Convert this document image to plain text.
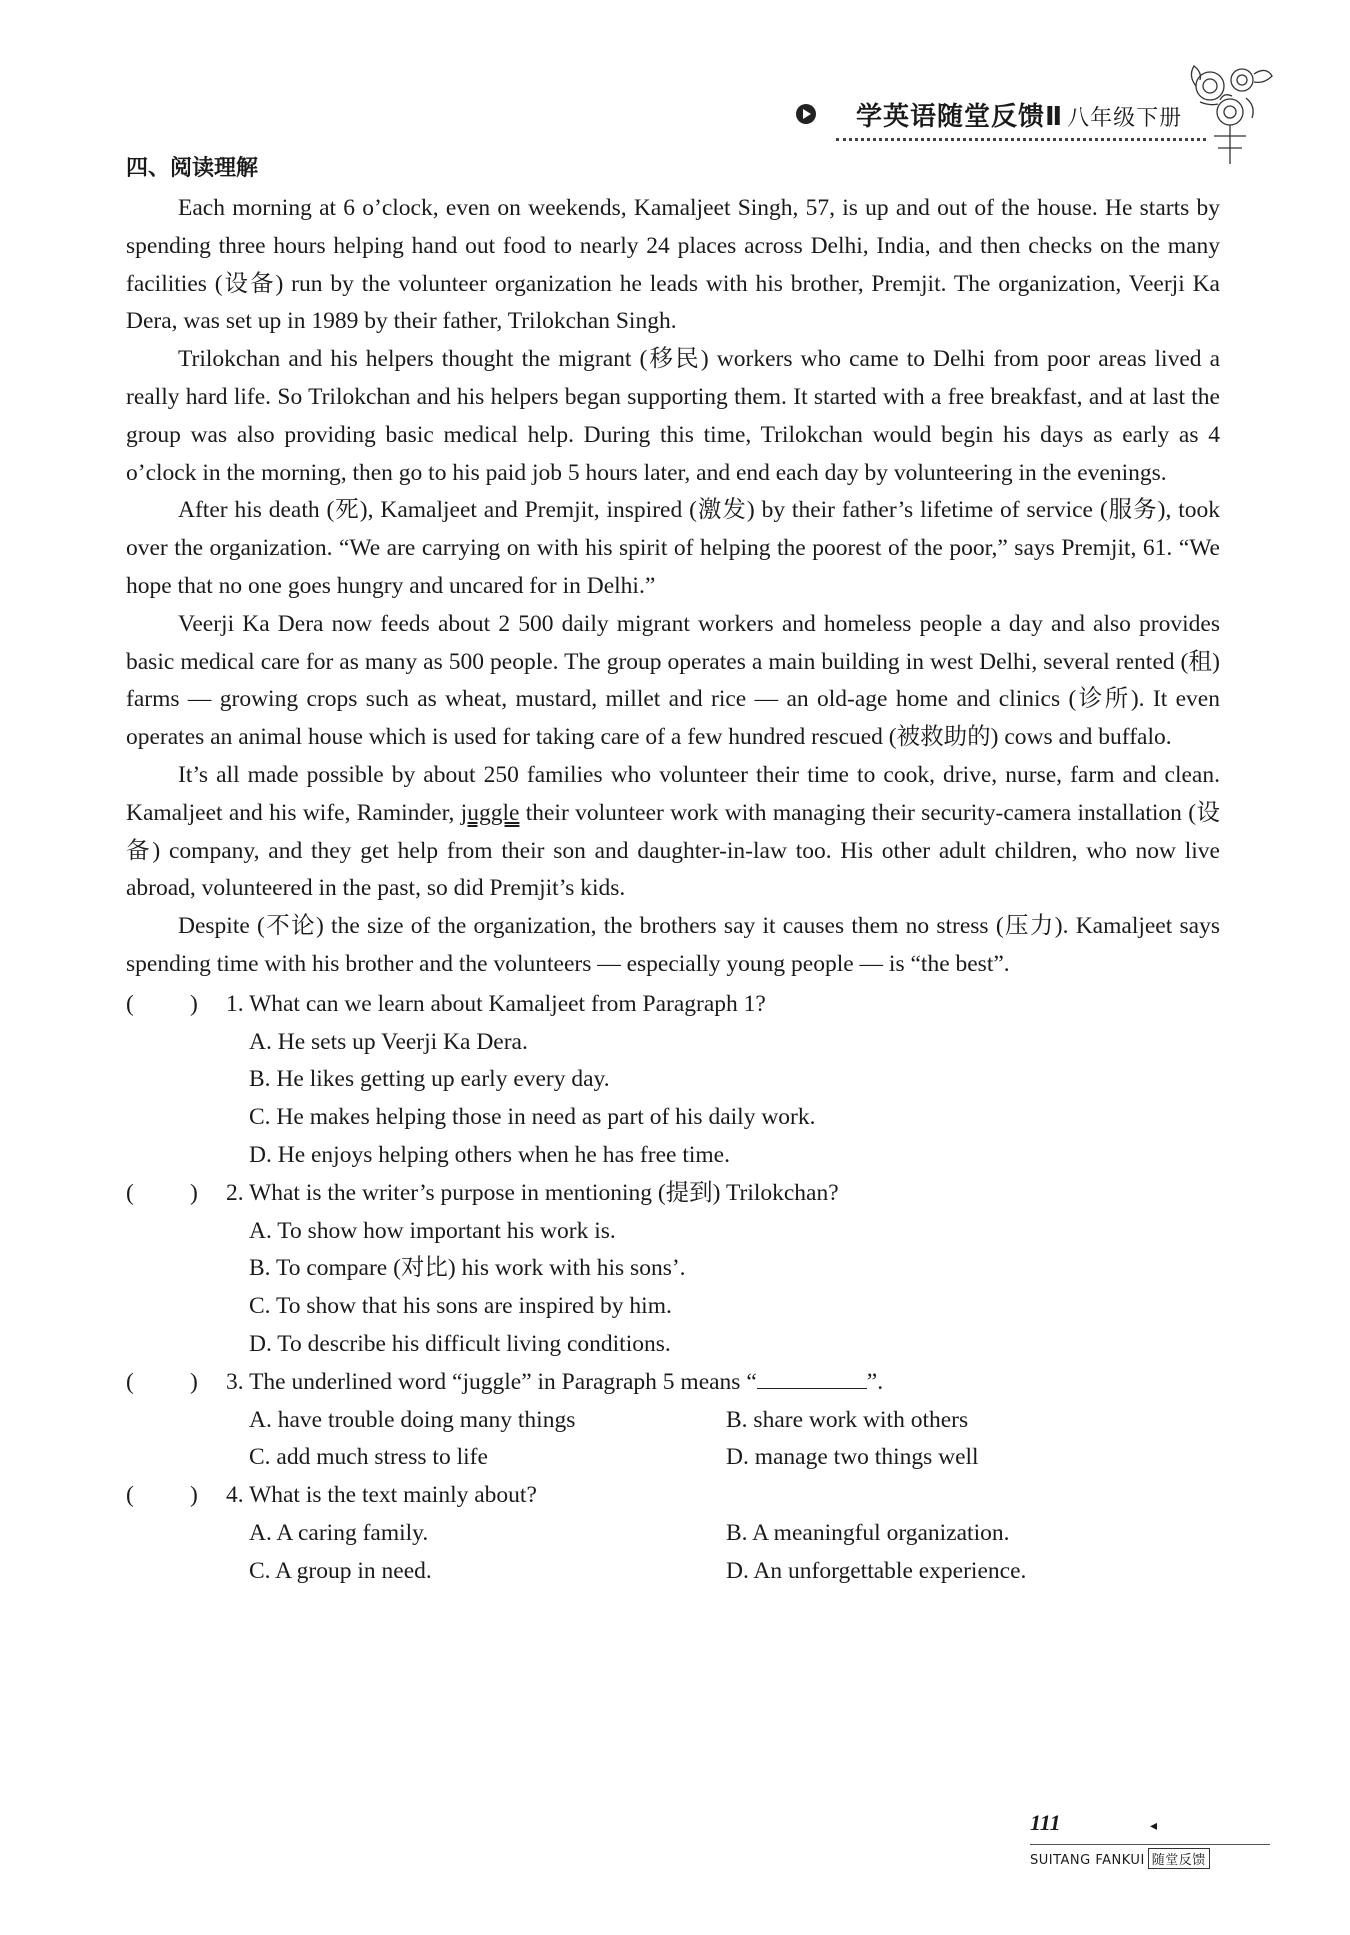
学英语随堂反馈Ⅱ 八年级下册
四、阅读理解

Each morning at 6 o’clock, even on weekends, Kamaljeet Singh, 57, is up and out of the house. He starts by spending three hours helping hand out food to nearly 24 places across Delhi, India, and then checks on the many facilities (设备) run by the volunteer organization he leads with his brother, Premjit. The organization, Veerji Ka Dera, was set up in 1989 by their father, Trilokchan Singh.

Trilokchan and his helpers thought the migrant (移民) workers who came to Delhi from poor areas lived a really hard life. So Trilokchan and his helpers began supporting them. It started with a free breakfast, and at last the group was also providing basic medical help. During this time, Trilokchan would begin his days as early as 4 o’clock in the morning, then go to his paid job 5 hours later, and end each day by volunteering in the evenings.

After his death (死), Kamaljeet and Premjit, inspired (激发) by their father’s lifetime of service (服务), took over the organization. “We are carrying on with his spirit of helping the poorest of the poor,” says Premjit, 61. “We hope that no one goes hungry and uncared for in Delhi.”

Veerji Ka Dera now feeds about 2 500 daily migrant workers and homeless people a day and also provides basic medical care for as many as 500 people. The group operates a main building in west Delhi, several rented (租) farms — growing crops such as wheat, mustard, millet and rice — an old-age home and clinics (诊所). It even operates an animal house which is used for taking care of a few hundred rescued (被救助的) cows and buffalo.

It’s all made possible by about 250 families who volunteer their time to cook, drive, nurse, farm and clean. Kamaljeet and his wife, Raminder, juggle their volunteer work with managing their security-camera installation (设备) company, and they get help from their son and daughter-in-law too. His other adult children, who now live abroad, volunteered in the past, so did Premjit’s kids.

Despite (不论) the size of the organization, the brothers say it causes them no stress (压力). Kamaljeet says spending time with his brother and the volunteers — especially young people — is “the best”.

( ) 1. What can we learn about Kamaljeet from Paragraph 1?
A. He sets up Veerji Ka Dera.
B. He likes getting up early every day.
C. He makes helping those in need as part of his daily work.
D. He enjoys helping others when he has free time.
( ) 2. What is the writer’s purpose in mentioning (提到) Trilokchan?
A. To show how important his work is.
B. To compare (对比) his work with his sons’.
C. To show that his sons are inspired by him.
D. To describe his difficult living conditions.
( ) 3. The underlined word “juggle” in Paragraph 5 means “	”.
A. have trouble doing many things	B. share work with others
C. add much stress to life	D. manage two things well
( ) 4. What is the text mainly about?
A. A caring family.	B. A meaningful organization.
C. A group in need.	D. An unforgettable experience.
111	◂
SUITANG FANKUI 随堂反馈
